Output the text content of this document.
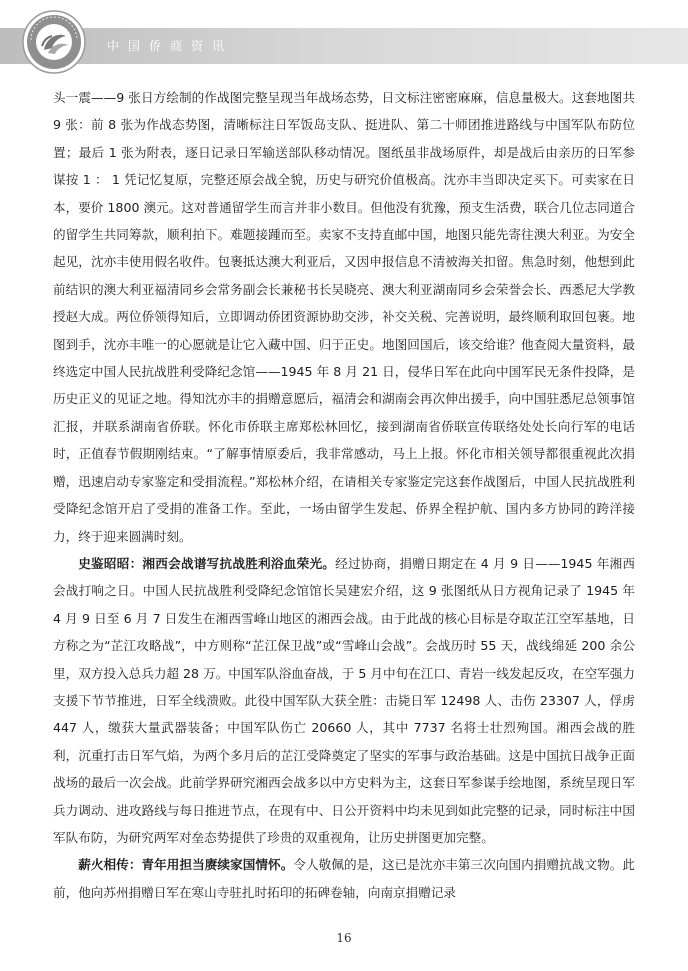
中国侨商资讯

头一震——9 张日方绘制的作战图完整呈现当年战场态势，日文标注密密麻麻，信息量极大。这套地图共 9 张：前 8 张为作战态势图，清晰标注日军饭岛支队、挺进队、第二十师团推进路线与中国军队布防位置；最后 1 张为附表，逐日记录日军输送部队移动情况。图纸虽非战场原件，却是战后由亲历的日军参谋按 1 ： 1 凭记忆复原，完整还原会战全貌，历史与研究价值极高。沈亦丰当即决定买下。可卖家在日本，要价 1800 澳元。这对普通留学生而言并非小数目。但他没有犹豫，预支生活费，联合几位志同道合的留学生共同筹款，顺利拍下。难题接踵而至。卖家不支持直邮中国，地图只能先寄往澳大利亚。为安全起见，沈亦丰使用假名收件。包裹抵达澳大利亚后，又因申报信息不清被海关扣留。焦急时刻，他想到此前结识的澳大利亚福清同乡会常务副会长兼秘书长吴晓亮、澳大利亚湖南同乡会荣誉会长、西悉尼大学教授赵大成。两位侨领得知后，立即调动侨团资源协助交涉，补交关税、完善说明，最终顺利取回包裹。地图到手，沈亦丰唯一的心愿就是让它入藏中国、归于正史。地图回国后，该交给谁？他查阅大量资料，最终选定中国人民抗战胜利受降纪念馆——1945 年 8 月 21 日，侵华日军在此向中国军民无条件投降，是历史正义的见证之地。得知沈亦丰的捐赠意愿后，福清会和湖南会再次伸出援手，向中国驻悉尼总领事馆汇报，并联系湖南省侨联。怀化市侨联主席郑松林回忆，接到湖南省侨联宣传联络处处长向行军的电话时，正值春节假期刚结束。“了解事情原委后，我非常感动，马上上报。怀化市相关领导都很重视此次捐赠，迅速启动专家鉴定和受捐流程。”郑松林介绍，在请相关专家鉴定完这套作战图后，中国人民抗战胜利受降纪念馆开启了受捐的准备工作。至此，一场由留学生发起、侨界全程护航、国内多方协同的跨洋接力，终于迎来圆满时刻。

史鉴昭昭：湘西会战谱写抗战胜利浴血荣光。经过协商，捐赠日期定在 4 月 9 日——1945 年湘西会战打响之日。中国人民抗战胜利受降纪念馆馆长吴建宏介绍，这 9 张图纸从日方视角记录了 1945 年 4 月 9 日至 6 月 7 日发生在湘西雪峰山地区的湘西会战。由于此战的核心目标是夺取芷江空军基地，日方称之为“芷江攻略战”，中方则称“芷江保卫战”或“雪峰山会战”。会战历时 55 天，战线绵延 200 余公里，双方投入总兵力超 28 万。中国军队浴血奋战，于 5 月中旬在江口、青岩一线发起反攻，在空军强力支援下节节推进，日军全线溃败。此役中国军队大获全胜：击毙日军 12498 人、击伤 23307 人，俘虏 447 人，缴获大量武器装备；中国军队伤亡 20660 人，其中 7737 名将士壮烈殉国。湘西会战的胜利，沉重打击日军气焰，为两个多月后的芷江受降奠定了坚实的军事与政治基础。这是中国抗日战争正面战场的最后一次会战。此前学界研究湘西会战多以中方史料为主，这套日军参谋手绘地图，系统呈现日军兵力调动、进攻路线与每日推进节点，在现有中、日公开资料中均未见到如此完整的记录，同时标注中国军队布防，为研究两军对垒态势提供了珍贵的双重视角，让历史拼图更加完整。

薪火相传：青年用担当赓续家国情怀。令人敬佩的是，这已是沈亦丰第三次向国内捐赠抗战文物。此前，他向苏州捐赠日军在寒山寺驻扎时拓印的拓碑卷轴，向南京捐赠记录

16
